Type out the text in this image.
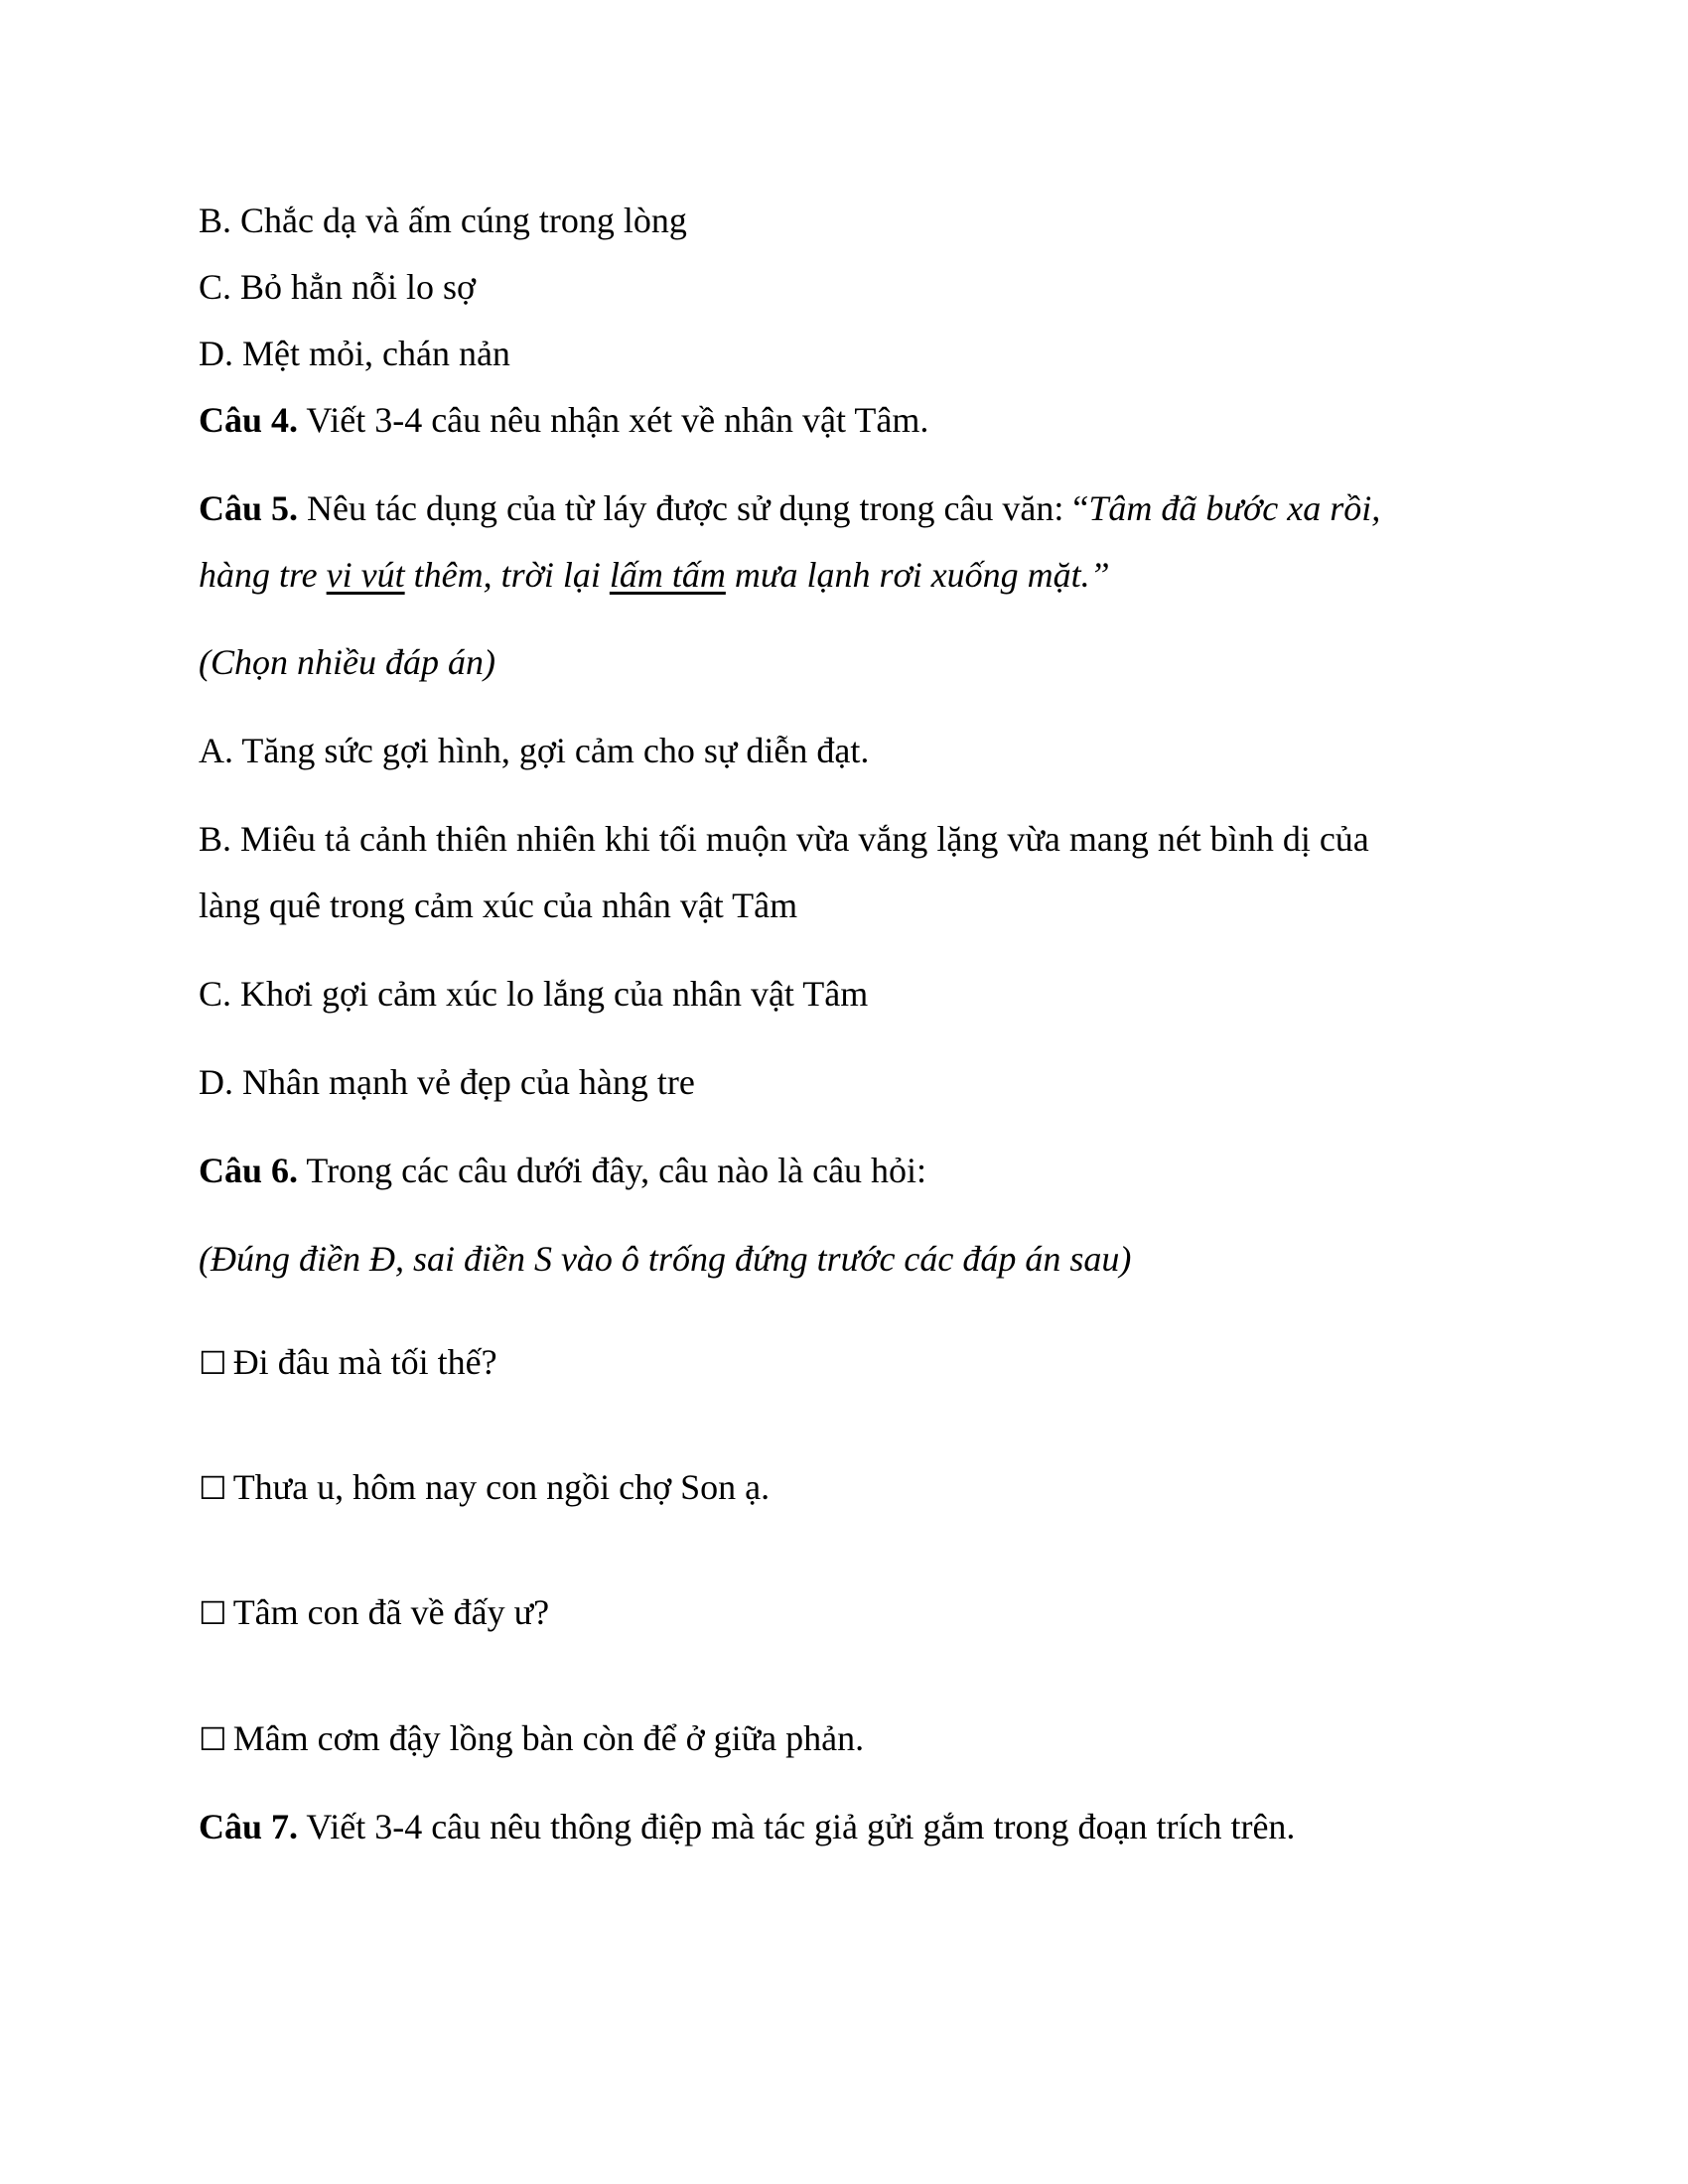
B. Chắc dạ và ấm cúng trong lòng
C. Bỏ hẳn nỗi lo sợ
D. Mệt mỏi, chán nản
Câu 4. Viết 3-4 câu nêu nhận xét về nhân vật Tâm.
Câu 5. Nêu tác dụng của từ láy được sử dụng trong câu văn: “Tâm đã bước xa rồi,
hàng tre vi vút thêm, trời lại lấm tấm mưa lạnh rơi xuống mặt.”
(Chọn nhiều đáp án)
A. Tăng sức gợi hình, gợi cảm cho sự diễn đạt.
B. Miêu tả cảnh thiên nhiên khi tối muộn vừa vắng lặng vừa mang nét bình dị của
làng quê trong cảm xúc của nhân vật Tâm
C. Khơi gợi cảm xúc lo lắng của nhân vật Tâm
D. Nhân mạnh vẻ đẹp của hàng tre
Câu 6. Trong các câu dưới đây, câu nào là câu hỏi:
(Đúng điền Đ, sai điền S vào ô trống đứng trước các đáp án sau)
☐ Đi đâu mà tối thế?
☐ Thưa u, hôm nay con ngồi chợ Son ạ.
☐ Tâm con đã về đấy ư?
☐ Mâm cơm đậy lồng bàn còn để ở giữa phản.
Câu 7. Viết 3-4 câu nêu thông điệp mà tác giả gửi gắm trong đoạn trích trên.
